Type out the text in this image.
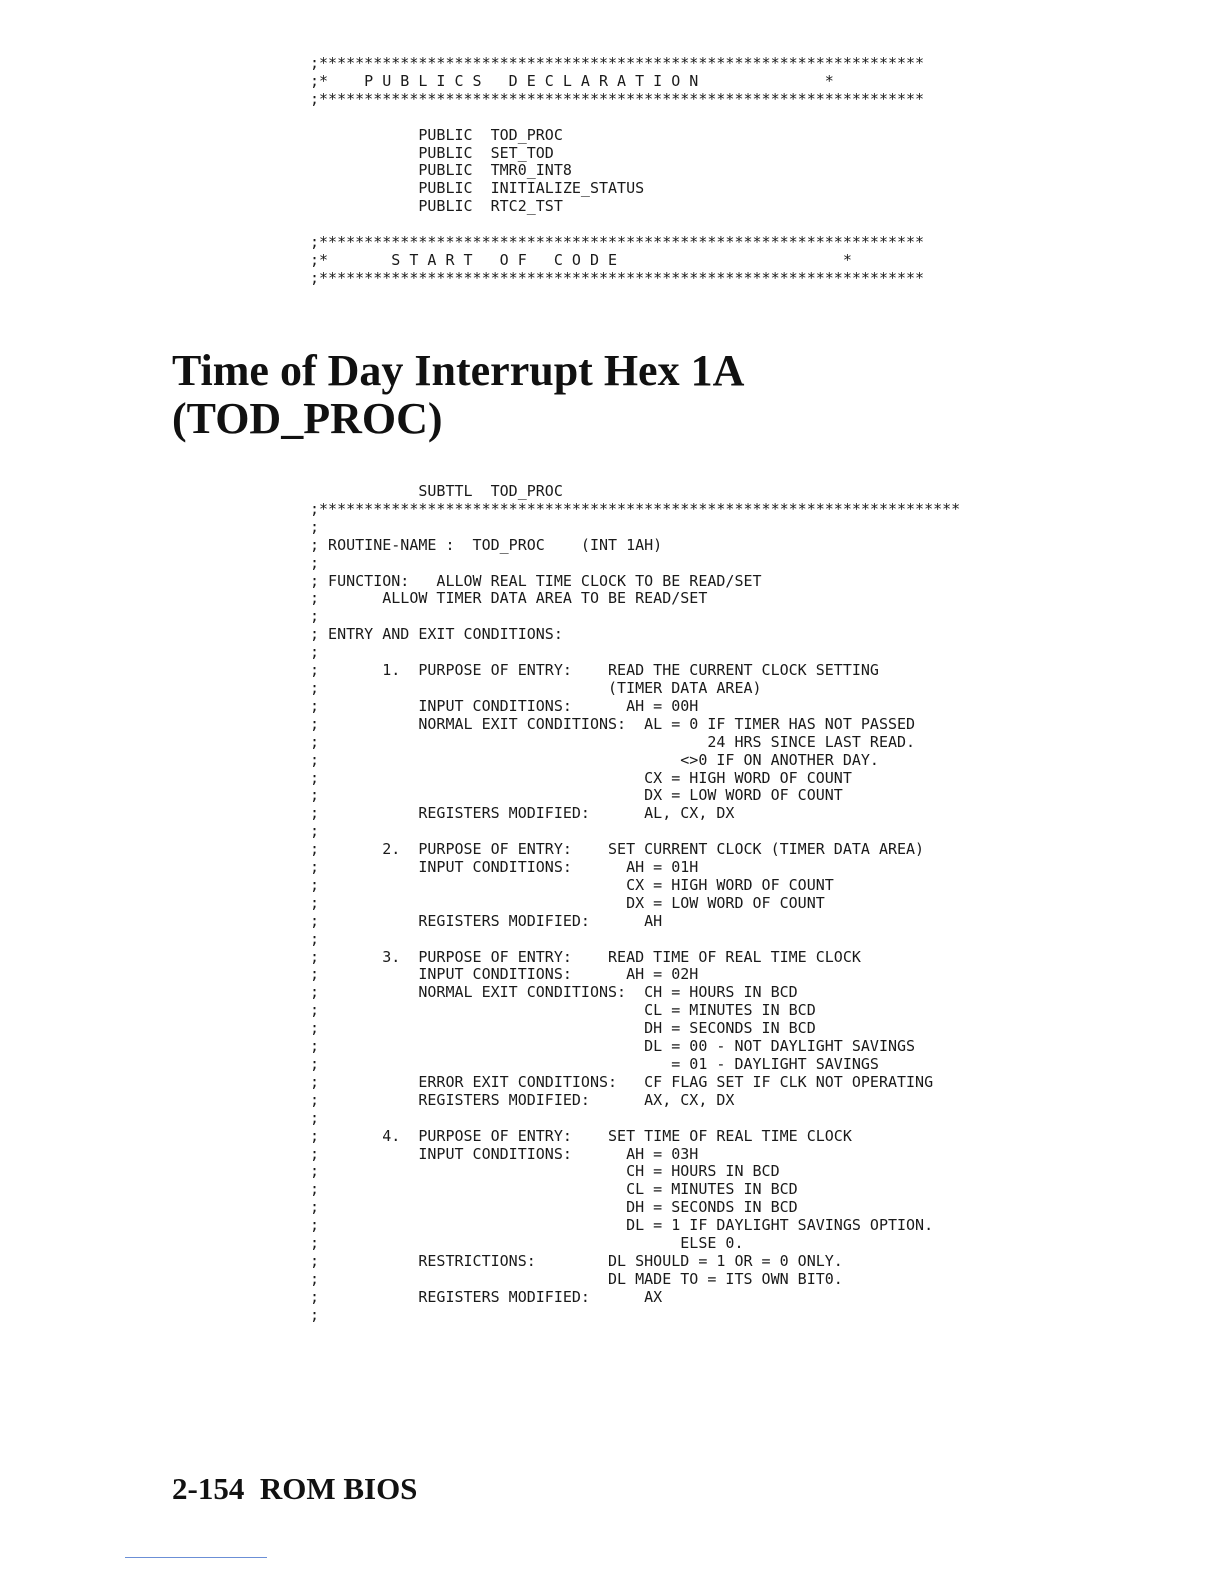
;*******************************************************************
;*    P U B L I C S   D E C L A R A T I O N              *
;*******************************************************************

PUBLIC  TOD_PROC
PUBLIC  SET_TOD
PUBLIC  TMR0_INT8
PUBLIC  INITIALIZE_STATUS
PUBLIC  RTC2_TST

;*******************************************************************
;*       S T A R T   O F   C O D E                         *
;*******************************************************************
Time of Day Interrupt Hex 1A
(TOD_PROC)
SUBTTL  TOD_PROC
;***********************************************************************
;
; ROUTINE-NAME :  TOD_PROC    (INT 1AH)
;
; FUNCTION:   ALLOW REAL TIME CLOCK TO BE READ/SET
;       ALLOW TIMER DATA AREA TO BE READ/SET
;
; ENTRY AND EXIT CONDITIONS:
;
;       1.  PURPOSE OF ENTRY:    READ THE CURRENT CLOCK SETTING
;                                (TIMER DATA AREA)
;           INPUT CONDITIONS:      AH = 00H
;           NORMAL EXIT CONDITIONS:  AL = 0 IF TIMER HAS NOT PASSED
;                                           24 HRS SINCE LAST READ.
;                                        <>0 IF ON ANOTHER DAY.
;                                    CX = HIGH WORD OF COUNT
;                                    DX = LOW WORD OF COUNT
;           REGISTERS MODIFIED:      AL, CX, DX
;
;       2.  PURPOSE OF ENTRY:    SET CURRENT CLOCK (TIMER DATA AREA)
;           INPUT CONDITIONS:      AH = 01H
;                                  CX = HIGH WORD OF COUNT
;                                  DX = LOW WORD OF COUNT
;           REGISTERS MODIFIED:      AH
;
;       3.  PURPOSE OF ENTRY:    READ TIME OF REAL TIME CLOCK
;           INPUT CONDITIONS:      AH = 02H
;           NORMAL EXIT CONDITIONS:  CH = HOURS IN BCD
;                                    CL = MINUTES IN BCD
;                                    DH = SECONDS IN BCD
;                                    DL = 00 - NOT DAYLIGHT SAVINGS
;                                       = 01 - DAYLIGHT SAVINGS
;           ERROR EXIT CONDITIONS:   CF FLAG SET IF CLK NOT OPERATING
;           REGISTERS MODIFIED:      AX, CX, DX
;
;       4.  PURPOSE OF ENTRY:    SET TIME OF REAL TIME CLOCK
;           INPUT CONDITIONS:      AH = 03H
;                                  CH = HOURS IN BCD
;                                  CL = MINUTES IN BCD
;                                  DH = SECONDS IN BCD
;                                  DL = 1 IF DAYLIGHT SAVINGS OPTION.
;                                        ELSE 0.
;           RESTRICTIONS:        DL SHOULD = 1 OR = 0 ONLY.
;                                DL MADE TO = ITS OWN BIT0.
;           REGISTERS MODIFIED:      AX
;
2-154  ROM BIOS
